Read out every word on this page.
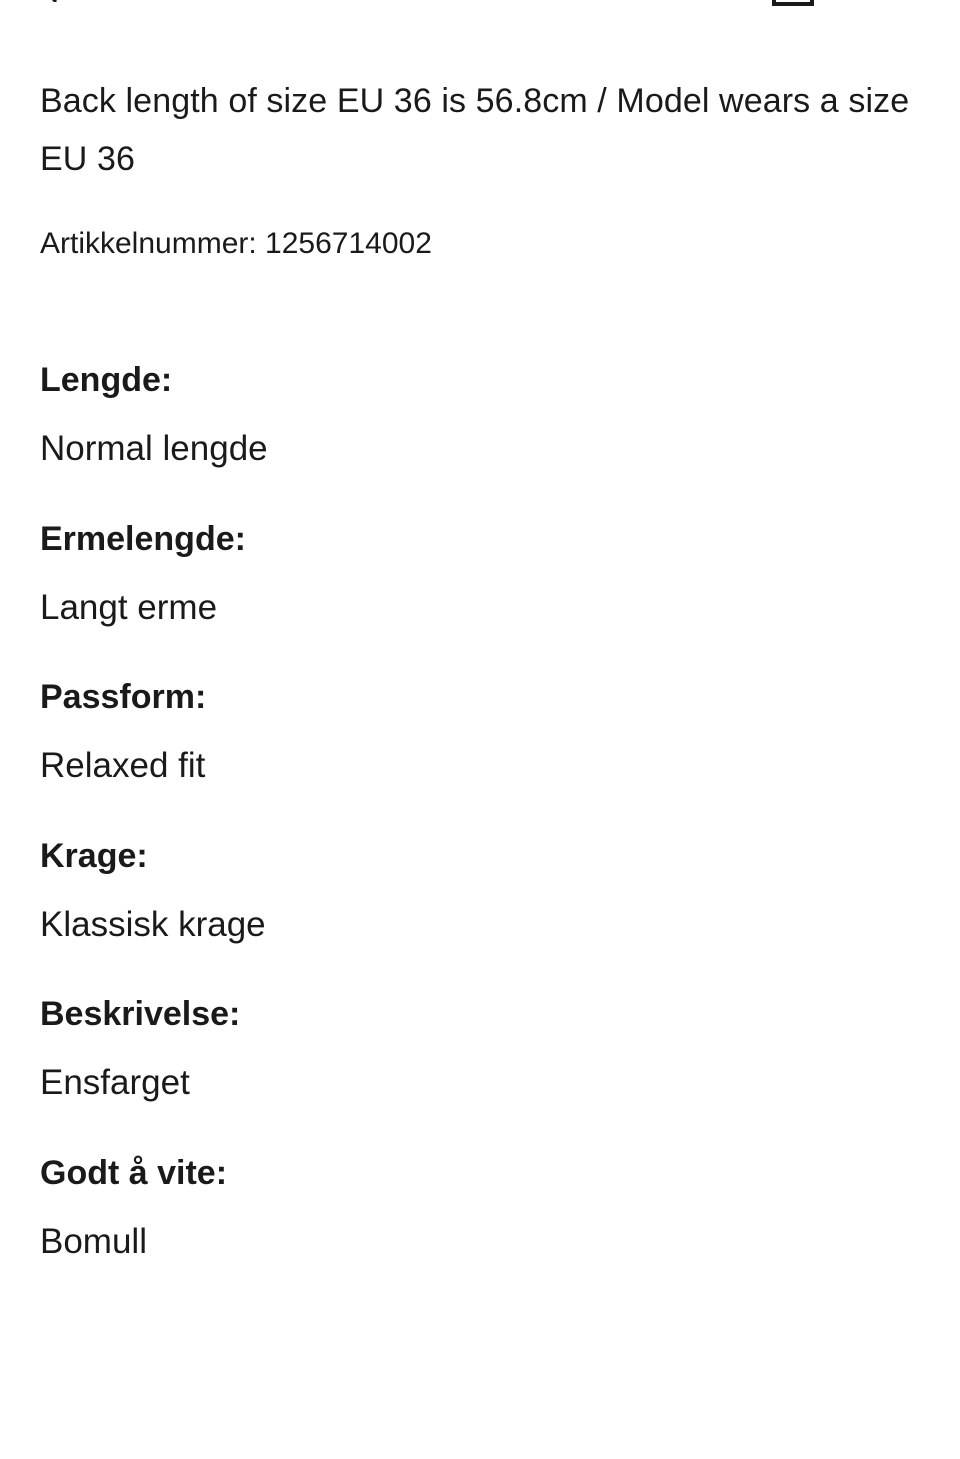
Back length of size EU 36 is 56.8cm / Model wears a size EU 36

Artikkelnummer: 1256714002

Lengde:

Normal lengde

Ermelengde:

Langt erme

Passform:

Relaxed fit

Krage:

Klassisk krage

Beskrivelse:

Ensfarget

Godt å vite:

Bomull
